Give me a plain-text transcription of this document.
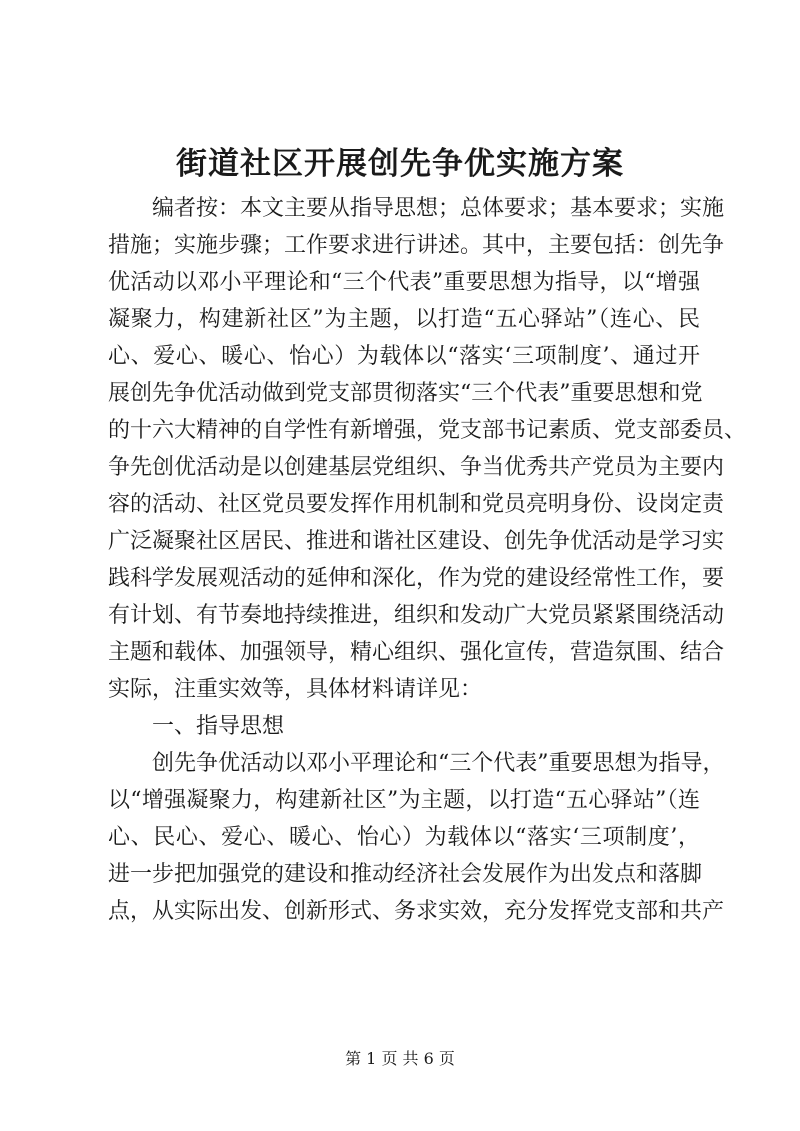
街道社区开展创先争优实施方案
编者按：本文主要从指导思想；总体要求；基本要求；实施
措施；实施步骤；工作要求进行讲述。其中，主要包括：创先争
优活动以邓小平理论和“三个代表”重要思想为指导，以“增强
凝聚力，构建新社区”为主题，以打造“五心驿站”（连心、民
心、爱心、暖心、怡心）为载体以“落实‘三项制度’、通过开
展创先争优活动做到党支部贯彻落实“三个代表”重要思想和党
的十六大精神的自学性有新增强，党支部书记素质、党支部委员、
争先创优活动是以创建基层党组织、争当优秀共产党员为主要内
容的活动、社区党员要发挥作用机制和党员亮明身份、设岗定责
广泛凝聚社区居民、推进和谐社区建设、创先争优活动是学习实
践科学发展观活动的延伸和深化，作为党的建设经常性工作，要
有计划、有节奏地持续推进，组织和发动广大党员紧紧围绕活动
主题和载体、加强领导，精心组织、强化宣传，营造氛围、结合
实际，注重实效等，具体材料请详见：
一、指导思想
创先争优活动以邓小平理论和“三个代表”重要思想为指导，
以“增强凝聚力，构建新社区”为主题，以打造“五心驿站”（连
心、民心、爱心、暖心、怡心）为载体以“落实‘三项制度’，
进一步把加强党的建设和推动经济社会发展作为出发点和落脚
点，从实际出发、创新形式、务求实效，充分发挥党支部和共产
第 1 页 共 6 页
